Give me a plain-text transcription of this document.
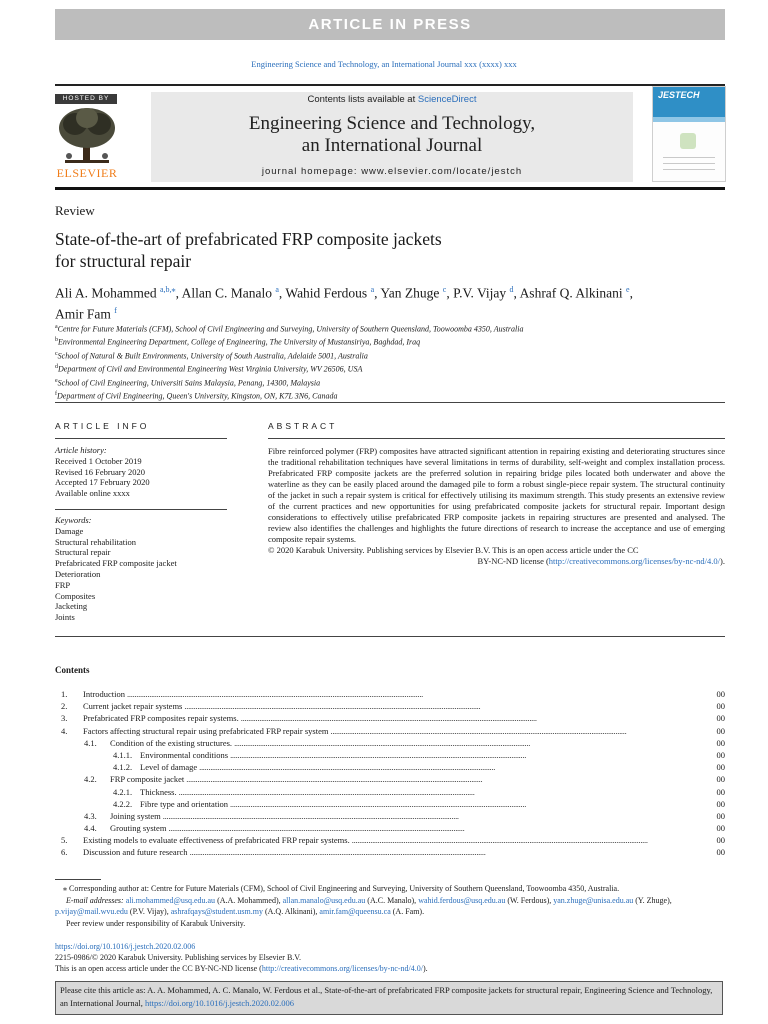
ARTICLE IN PRESS
Engineering Science and Technology, an International Journal xxx (xxxx) xxx
HOSTED BY
ELSEVIER
Contents lists available at ScienceDirect
Engineering Science and Technology,
an International Journal
journal homepage: www.elsevier.com/locate/jestch
JESTECH
Review
State-of-the-art of prefabricated FRP composite jackets
for structural repair
Ali A. Mohammed $^{a,b,⁎}$, Allan C. Manalo $^a$, Wahid Ferdous $^a$, Yan Zhuge $^c$, P.V. Vijay $^d$, Ashraf Q. Alkinani $^e$,
Amir Fam $^f$
$^a$Centre for Future Materials (CFM), School of Civil Engineering and Surveying, University of Southern Queensland, Toowoomba 4350, Australia
$^b$Environmental Engineering Department, College of Engineering, The University of Mustansiriya, Baghdad, Iraq
$^c$School of Natural & Built Environments, University of South Australia, Adelaide 5001, Australia
$^d$Department of Civil and Environmental Engineering West Virginia University, WV 26506, USA
$^e$School of Civil Engineering, Universiti Sains Malaysia, Penang, 14300, Malaysia
$^f$Department of Civil Engineering, Queen's University, Kingston, ON, K7L 3N6, Canada
ARTICLE INFO	ABSTRACT
Article history:
Received 1 October 2019
Revised 16 February 2020
Accepted 17 February 2020
Available online xxxx
Keywords:
Damage
Structural rehabilitation
Structural repair
Prefabricated FRP composite jacket
Deterioration
FRP
Composites
Jacketing
Joints
Fibre reinforced polymer (FRP) composites have attracted significant attention in repairing existing and deteriorating structures since the traditional rehabilitation techniques have several limitations in terms of durability, self-weight and complex installation process. Prefabricated FRP composite jackets are the preferred solution in repairing bridge piles located both underwater and above the waterline as they can be easily placed around the damaged pile to form a robust single-piece repair system. The structural continuity of the jacket in such a repair system is critical for effectively utilising its maximum strength. This study presents an extensive review of the current practices and new opportunities for using prefabricated composite jackets for structural repair. Important design considerations to effectively utilise prefabricated FRP composite jackets in repairing structures are presented and analysed. The review also identifies the challenges and highlights the future directions of research to increase the acceptance and use of emerging composite repair systems.
© 2020 Karabuk University. Publishing services by Elsevier B.V. This is an open access article under the CC
BY-NC-ND license (http://creativecommons.org/licenses/by-nc-nd/4.0/).
Contents
1.	Introduction . . .	00
2.	Current jacket repair systems . . .	00
3.	Prefabricated FRP composites repair systems. . . .	00
4.	Factors affecting structural repair using prefabricated FRP repair system . . .	00
4.1.	Condition of the existing structures. . . .	00
4.1.1. Environmental conditions . . .	00
4.1.2. Level of damage . . .	00
4.2.	FRP composite jacket . . .	00
4.2.1. Thickness. . . .	00
4.2.2. Fibre type and orientation . . .	00
4.3.	Joining system . . .	00
4.4.	Grouting system . . .	00
5.	Existing models to evaluate effectiveness of prefabricated FRP repair systems. . . .	00
6.	Discussion and future research . . .	00
⁎ Corresponding author at: Centre for Future Materials (CFM), School of Civil Engineering and Surveying, University of Southern Queensland, Toowoomba 4350, Australia.
E-mail addresses: ali.mohammed@usq.edu.au (A.A. Mohammed), allan.manalo@usq.edu.au (A.C. Manalo), wahid.ferdous@usq.edu.au (W. Ferdous), yan.zhuge@unisa.edu.au (Y. Zhuge), p.vijay@mail.wvu.edu (P.V. Vijay), ashrafqays@student.usm.my (A.Q. Alkinani), amir.fam@queensu.ca (A. Fam).
Peer review under responsibility of Karabuk University.
https://doi.org/10.1016/j.jestch.2020.02.006
2215-0986/© 2020 Karabuk University. Publishing services by Elsevier B.V.
This is an open access article under the CC BY-NC-ND license (http://creativecommons.org/licenses/by-nc-nd/4.0/).
Please cite this article as: A. A. Mohammed, A. C. Manalo, W. Ferdous et al., State-of-the-art of prefabricated FRP composite jackets for structural repair, Engineering Science and Technology, an International Journal, https://doi.org/10.1016/j.jestch.2020.02.006
